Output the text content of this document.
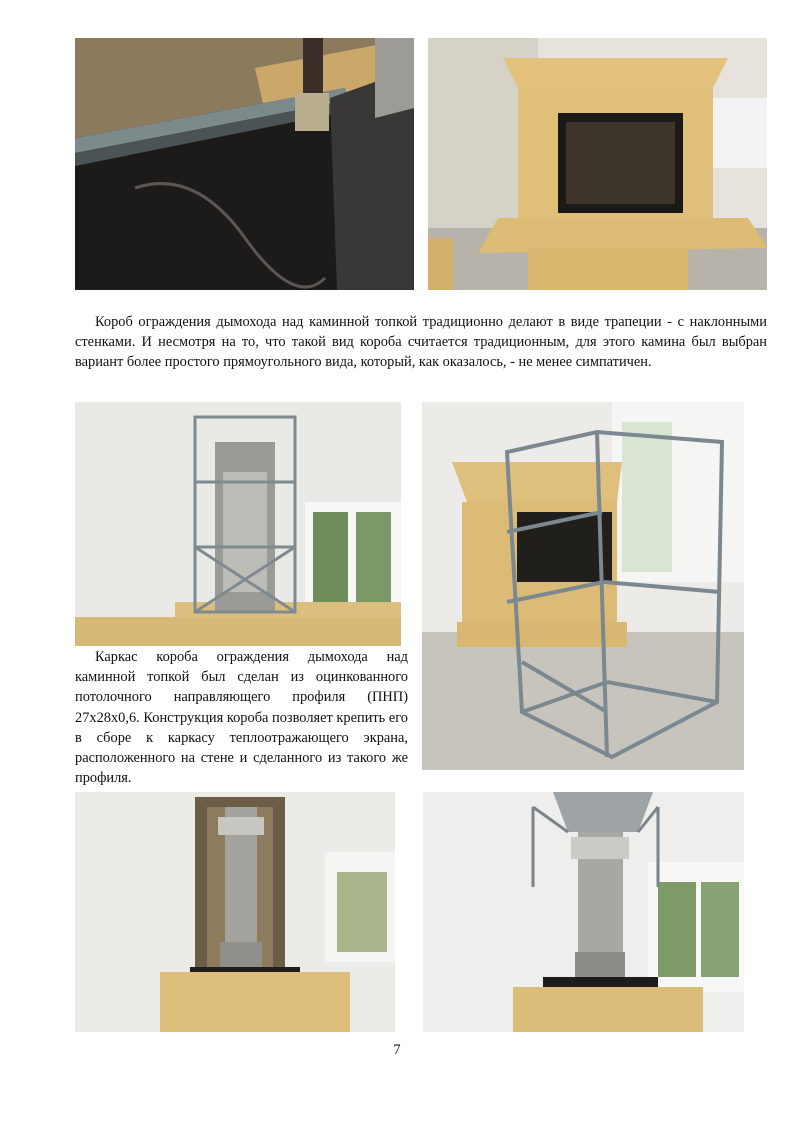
Короб ограждения дымохода над каминной топкой традиционно делают в виде трапеции - с наклонными стенками. И несмотря на то, что такой вид короба считается традиционным, для этого камина был выбран вариант более простого прямоугольного вида, который, как оказалось, - не менее симпатичен.

Каркас короба ограждения дымохода над каминной топкой был сделан из оцинкованного потолочного направляющего профиля (ПНП) 27x28x0,6. Конструкция короба позволяет крепить его в сборе к каркасу теплоотражающего экрана, расположенного на стене и сделанного из такого же профиля.

7
